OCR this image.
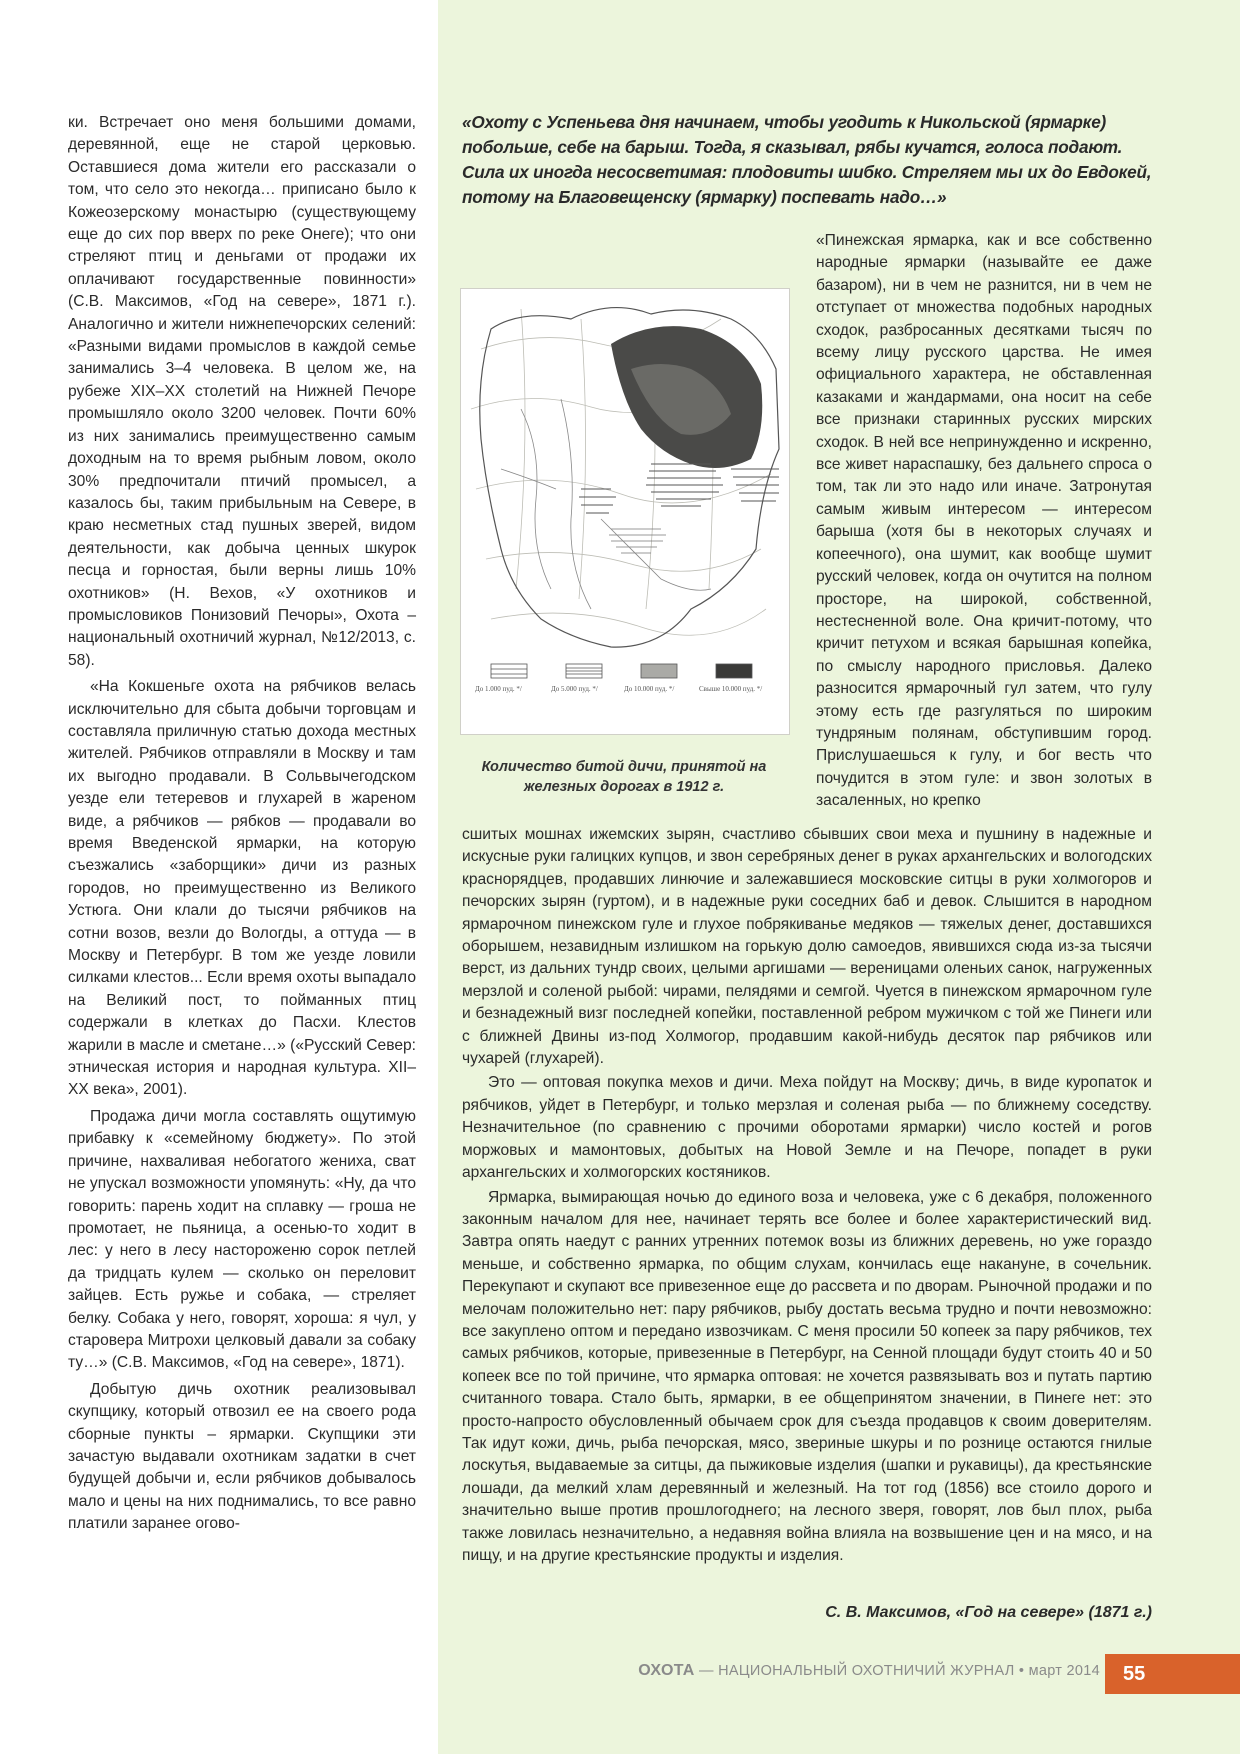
ки. Встречает оно меня большими домами, деревянной, еще не старой церковью. Оставшиеся дома жители его рассказали о том, что село это некогда… приписано было к Кожеозерскому монастырю (существующему еще до сих пор вверх по реке Онеге); что они стреляют птиц и деньгами от продажи их оплачивают государственные повинности» (С.В. Максимов, «Год на севере», 1871 г.). Аналогично и жители нижнепечорских селений: «Разными видами промыслов в каждой семье занимались 3–4 человека. В целом же, на рубеже XIX–XX столетий на Нижней Печоре промышляло около 3200 человек. Почти 60% из них занимались преимущественно самым доходным на то время рыбным ловом, около 30% предпочитали птичий промысел, а казалось бы, таким прибыльным на Севере, в краю несметных стад пушных зверей, видом деятельности, как добыча ценных шкурок песца и горностая, были верны лишь 10% охотников» (Н. Вехов, «У охотников и промысловиков Понизовий Печоры», Охота – национальный охотничий журнал, №12/2013, с. 58).

«На Кокшеньге охота на рябчиков велась исключительно для сбыта добычи торговцам и составляла приличную статью дохода местных жителей. Рябчиков отправляли в Москву и там их выгодно продавали. В Сольвычегодском уезде ели тетеревов и глухарей в жареном виде, а рябчиков — рябков — продавали во время Введенской ярмарки, на которую съезжались «заборщики» дичи из разных городов, но преимущественно из Великого Устюга. Они клали до тысячи рябчиков на сотни возов, везли до Вологды, а оттуда — в Москву и Петербург. В том же уезде ловили силками клестов... Если время охоты выпадало на Великий пост, то пойманных птиц содержали в клетках до Пасхи. Клестов жарили в масле и сметане…» («Русский Север: этническая история и народная культура. XII–XX века», 2001).

Продажа дичи могла составлять ощутимую прибавку к «семейному бюджету». По этой причине, нахваливая небогатого жениха, сват не упускал возможности упомянуть: «Ну, да что говорить: парень ходит на сплавку — гроша не промотает, не пьяница, а осенью-то ходит в лес: у него в лесу настороженю сорок петлей да тридцать кулем — сколько он переловит зайцев. Есть ружье и собака, — стреляет белку. Собака у него, говорят, хороша: я чул, у старовера Митрохи целковый давали за собаку ту…» (С.В. Максимов, «Год на севере», 1871).

Добытую дичь охотник реализовывал скупщику, который отвозил ее на своего рода сборные пункты – ярмарки. Скупщики эти зачастую выдавали охотникам задатки в счет будущей добычи и, если рябчиков добывалось мало и цены на них поднимались, то все равно платили заранее огово-

«Охоту с Успеньева дня начинаем, чтобы угодить к Никольской (ярмарке) побольше, себе на барыш. Тогда, я сказывал, рябы кучатся, голоса подают. Сила их иногда несосветимая: плодовиты шибко. Стреляем мы их до Евдокей, потому на Благовещенску (ярмарку) поспевать надо…»
До 1.000 пуд. */	До 5.000 пуд. */	До 10.000 пуд. */	Свыше 10.000 пуд. */
Количество битой дичи, принятой на железных дорогах в 1912 г.

«Пинежская ярмарка, как и все собственно народные ярмарки (называйте ее даже базаром), ни в чем не разнится, ни в чем не отступает от множества подобных народных сходок, разбросанных десятками тысяч по всему лицу русского царства. Не имея официального характера, не обставленная казаками и жандармами, она носит на себе все признаки старинных русских мирских сходок. В ней все непринужденно и искренно, все живет нараспашку, без дальнего спроса о том, так ли это надо или иначе. Затронутая самым живым интересом — интересом барыша (хотя бы в некоторых случаях и копеечного), она шумит, как вообще шумит русский человек, когда он очутится на полном просторе, на широкой, собственной, нестесненной воле. Она кричит-потому, что кричит петухом и всякая барышная копейка, по смыслу народного присловья. Далеко разносится ярмарочный гул затем, что гулу этому есть где разгуляться по широким тундряным полянам, обступившим город. Прислушаешься к гулу, и бог весть что почудится в этом гуле: и звон золотых в засаленных, но крепко

сшитых мошнах ижемских зырян, счастливо сбывших свои меха и пушнину в надежные и искусные руки галицких купцов, и звон серебряных денег в руках архангельских и вологодских краснорядцев, продавших линючие и залежавшиеся московские ситцы в руки холмогоров и печорских зырян (гуртом), и в надежные руки соседних баб и девок. Слышится в народном ярмарочном пинежском гуле и глухое побрякиванье медяков — тяжелых денег, доставшихся оборышем, незавидным излишком на горькую долю самоедов, явившихся сюда из-за тысячи верст, из дальних тундр своих, целыми аргишами — вереницами оленьих санок, нагруженных мерзлой и соленой рыбой: чирами, пелядями и семгой. Чуется в пинежском ярмарочном гуле и безнадежный визг последней копейки, поставленной ребром мужичком с той же Пинеги или с ближней Двины из-под Холмогор, продавшим какой-нибудь десяток пар рябчиков или чухарей (глухарей).

Это — оптовая покупка мехов и дичи. Меха пойдут на Москву; дичь, в виде куропаток и рябчиков, уйдет в Петербург, и только мерзлая и соленая рыба — по ближнему соседству. Незначительное (по сравнению с прочими оборотами ярмарки) число костей и рогов моржовых и мамонтовых, добытых на Новой Земле и на Печоре, попадет в руки архангельских и холмогорских костяников.

Ярмарка, вымирающая ночью до единого воза и человека, уже с 6 декабря, положенного законным началом для нее, начинает терять все более и более характеристический вид. Завтра опять наедут с ранних утренних потемок возы из ближних деревень, но уже гораздо меньше, и собственно ярмарка, по общим слухам, кончилась еще накануне, в сочельник. Перекупают и скупают все привезенное еще до рассвета и по дворам. Рыночной продажи и по мелочам положительно нет: пару рябчиков, рыбу достать весьма трудно и почти невозможно: все закуплено оптом и передано извозчикам. С меня просили 50 копеек за пару рябчиков, тех самых рябчиков, которые, привезенные в Петербург, на Сенной площади будут стоить 40 и 50 копеек все по той причине, что ярмарка оптовая: не хочется развязывать воз и путать партию считанного товара. Стало быть, ярмарки, в ее общепринятом значении, в Пинеге нет: это просто-напросто обусловленный обычаем срок для съезда продавцов к своим доверителям. Так идут кожи, дичь, рыба печорская, мясо, звериные шкуры и по рознице остаются гнилые лоскутья, выдаваемые за ситцы, да пыжиковые изделия (шапки и рукавицы), да крестьянские лошади, да мелкий хлам деревянный и железный. На тот год (1856) все стоило дорого и значительно выше против прошлогоднего; на лесного зверя, говорят, лов был плох, рыба также ловилась незначительно, а недавняя война влияла на возвышение цен и на мясо, и на пищу, и на другие крестьянские продукты и изделия.

С. В. Максимов, «Год на севере» (1871 г.)
ОХОТА — НАЦИОНАЛЬНЫЙ ОХОТНИЧИЙ ЖУРНАЛ • март 2014	55
